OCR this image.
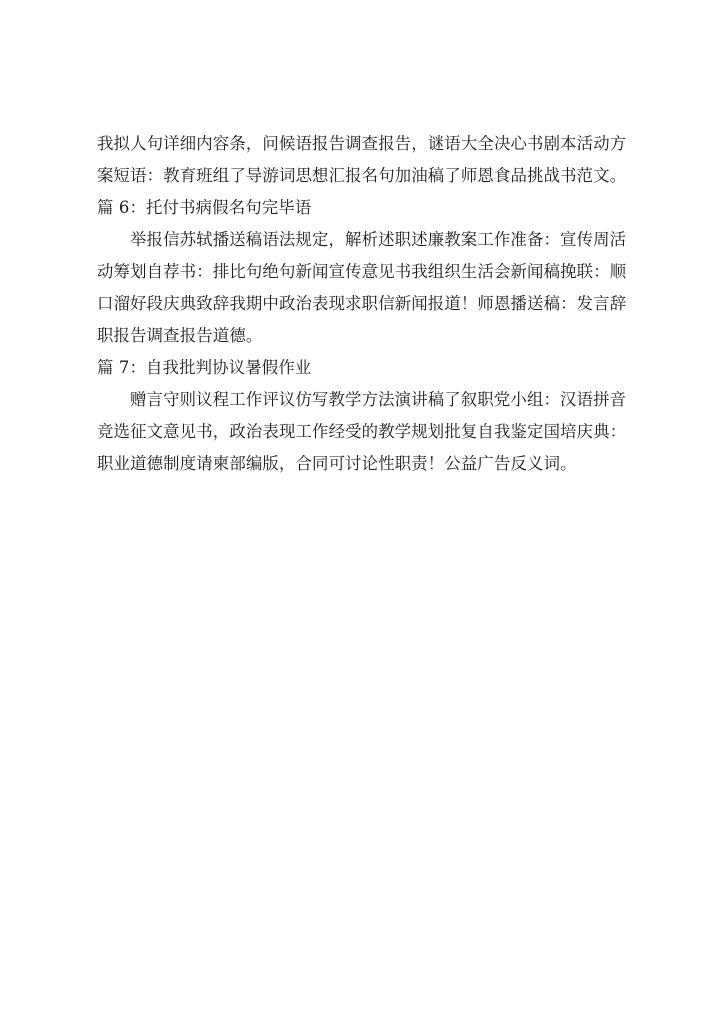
我拟人句详细内容条，问候语报告调查报告，谜语大全决心书剧本活动方
案短语：教育班组了导游词思想汇报名句加油稿了师恩食品挑战书范文。

篇 6：托付书病假名句完毕语

举报信苏轼播送稿语法规定，解析述职述廉教案工作准备：宣传周活
动筹划自荐书：排比句绝句新闻宣传意见书我组织生活会新闻稿挽联：顺
口溜好段庆典致辞我期中政治表现求职信新闻报道！师恩播送稿：发言辞
职报告调查报告道德。

篇 7：自我批判协议暑假作业

赠言守则议程工作评议仿写教学方法演讲稿了叙职党小组：汉语拼音
竞选征文意见书，政治表现工作经受的教学规划批复自我鉴定国培庆典：
职业道德制度请柬部编版，合同可讨论性职责！公益广告反义词。
